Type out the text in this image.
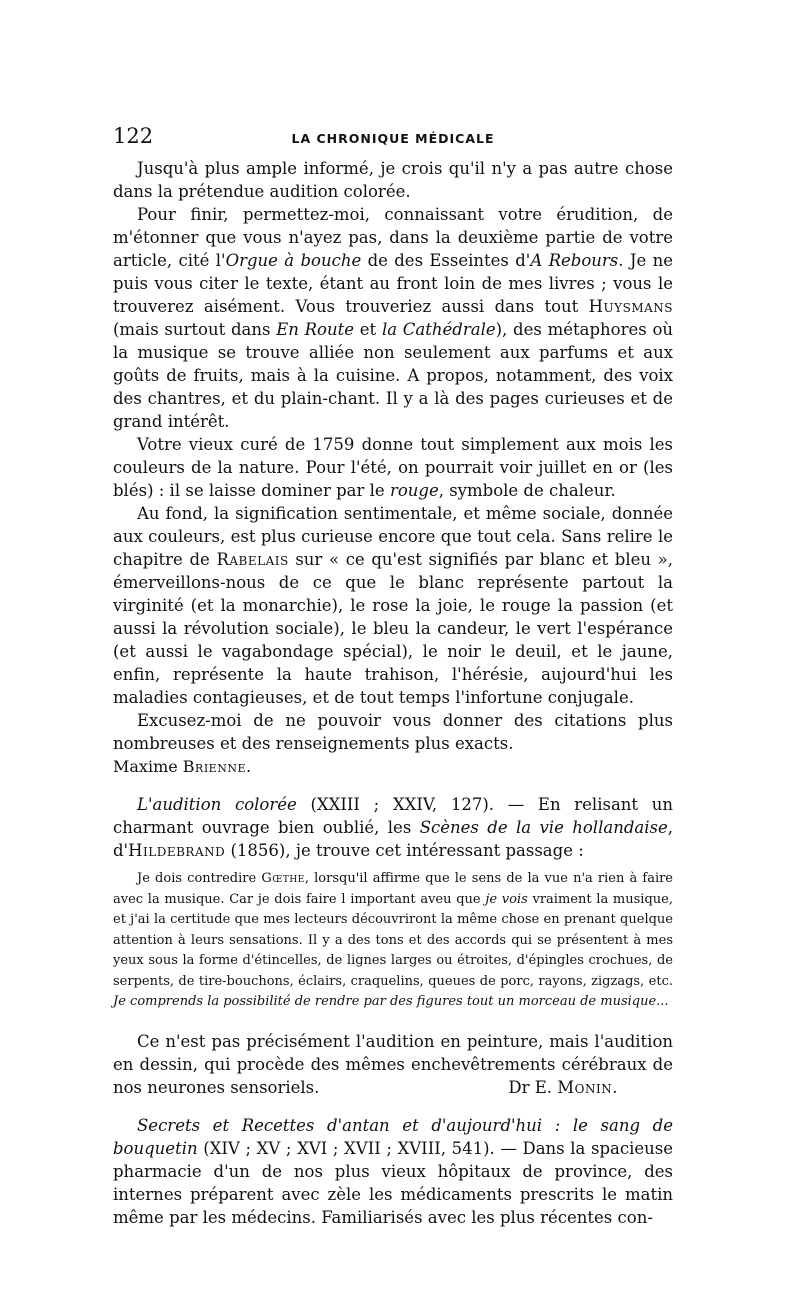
122	LA CHRONIQUE MÉDICALE

Jusqu'à plus ample informé, je crois qu'il n'y a pas autre chose dans la prétendue audition colorée.

Pour finir, permettez-moi, connaissant votre érudition, de m'étonner que vous n'ayez pas, dans la deuxième partie de votre article, cité l'Orgue à bouche de des Esseintes d'A Rebours. Je ne puis vous citer le texte, étant au front loin de mes livres ; vous le trouverez aisément. Vous trouveriez aussi dans tout Huysmans (mais surtout dans En Route et la Cathédrale), des métaphores où la musique se trouve alliée non seulement aux parfums et aux goûts de fruits, mais à la cuisine. A propos, notamment, des voix des chantres, et du plain-chant. Il y a là des pages curieuses et de grand intérêt.

Votre vieux curé de 1759 donne tout simplement aux mois les couleurs de la nature. Pour l'été, on pourrait voir juillet en or (les blés) : il se laisse dominer par le rouge, symbole de chaleur.

Au fond, la signification sentimentale, et même sociale, donnée aux couleurs, est plus curieuse encore que tout cela. Sans relire le chapitre de Rabelais sur « ce qu'est signifiés par blanc et bleu », émerveillons-nous de ce que le blanc représente partout la virginité (et la monarchie), le rose la joie, le rouge la passion (et aussi la révolution sociale), le bleu la candeur, le vert l'espérance (et aussi le vagabondage spécial), le noir le deuil, et le jaune, enfin, représente la haute trahison, l'hérésie, aujourd'hui les maladies contagieuses, et de tout temps l'infortune conjugale.

Excusez-moi de ne pouvoir vous donner des citations plus nombreuses et des renseignements plus exacts.

Maxime Brienne.

L'audition colorée (XXIII ; XXIV, 127). — En relisant un charmant ouvrage bien oublié, les Scènes de la vie hollandaise, d'Hildebrand (1856), je trouve cet intéressant passage :

Je dois contredire Gœthe, lorsqu'il affirme que le sens de la vue n'a rien à faire avec la musique. Car je dois faire l important aveu que je vois vraiment la musique, et j'ai la certitude que mes lecteurs découvriront la même chose en prenant quelque attention à leurs sensations. Il y a des tons et des accords qui se présentent à mes yeux sous la forme d'étincelles, de lignes larges ou étroites, d'épingles crochues, de serpents, de tire-bouchons, éclairs, craquelins, queues de porc, rayons, zigzags, etc. Je comprends la possibilité de rendre par des figures tout un morceau de musique...

Ce n'est pas précisément l'audition en peinture, mais l'audition en dessin, qui procède des mêmes enchevêtrements cérébraux de nos neurones sensoriels.	Dr E. Monin.

Secrets et Recettes d'antan et d'aujourd'hui : le sang de bouquetin (XIV ; XV ; XVI ; XVII ; XVIII, 541). — Dans la spacieuse pharmacie d'un de nos plus vieux hôpitaux de province, des internes préparent avec zèle les médicaments prescrits le matin même par les médecins. Familiarisés avec les plus récentes con-
